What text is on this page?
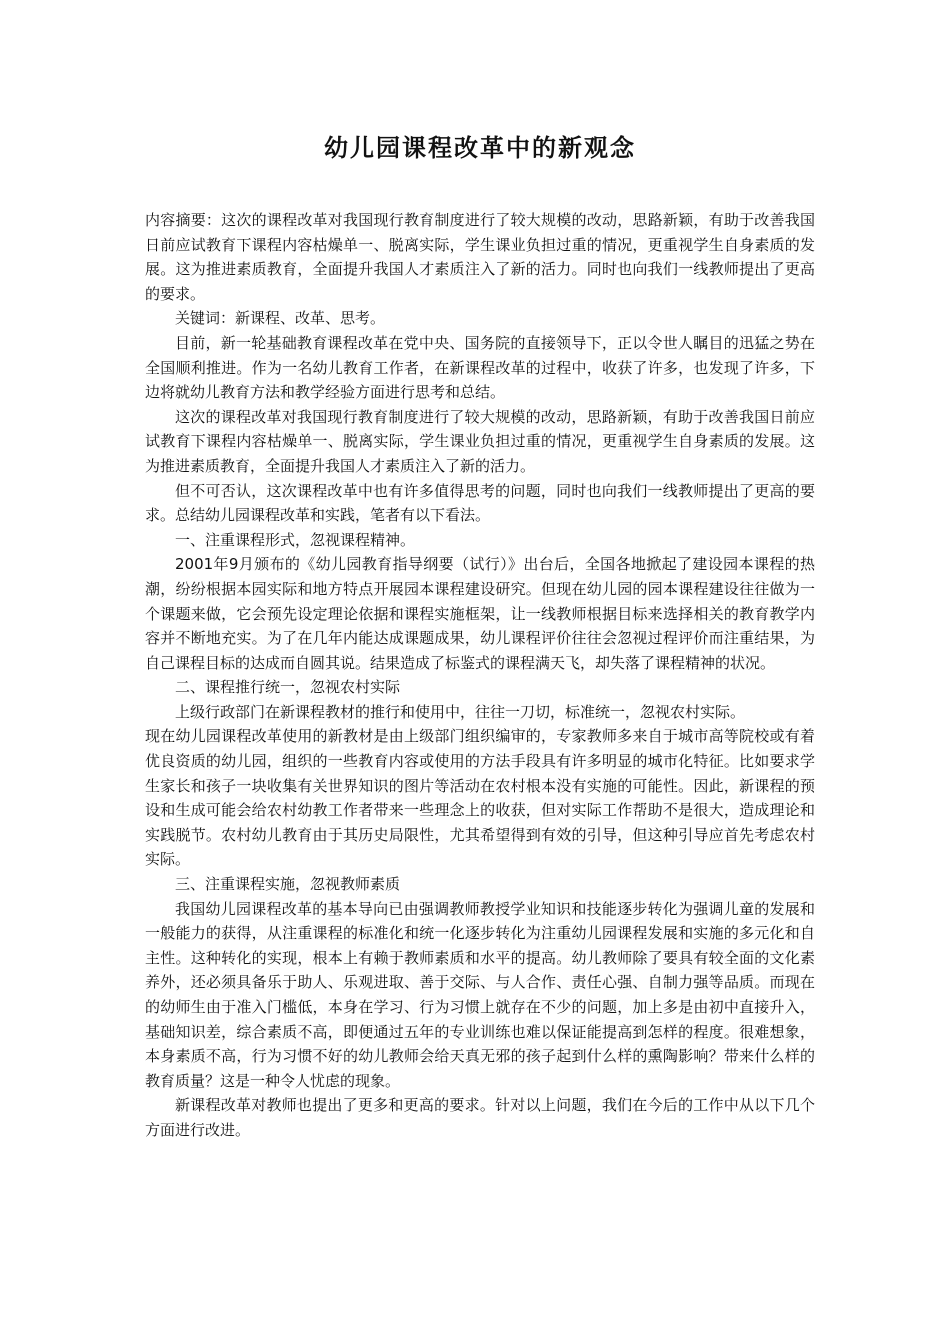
幼儿园课程改革中的新观念

内容摘要：这次的课程改革对我国现行教育制度进行了较大规模的改动，思路新颖，有助于改善我国日前应试教育下课程内容枯燥单一、脱离实际，学生课业负担过重的情况，更重视学生自身素质的发展。这为推进素质教育，全面提升我国人才素质注入了新的活力。同时也向我们一线教师提出了更高的要求。

关键词：新课程、改革、思考。

目前，新一轮基础教育课程改革在党中央、国务院的直接领导下，正以令世人瞩目的迅猛之势在全国顺利推进。作为一名幼儿教育工作者，在新课程改革的过程中，收获了许多，也发现了许多，下边将就幼儿教育方法和教学经验方面进行思考和总结。

这次的课程改革对我国现行教育制度进行了较大规模的改动，思路新颖，有助于改善我国日前应试教育下课程内容枯燥单一、脱离实际，学生课业负担过重的情况，更重视学生自身素质的发展。这为推进素质教育，全面提升我国人才素质注入了新的活力。

但不可否认，这次课程改革中也有许多值得思考的问题，同时也向我们一线教师提出了更高的要求。总结幼儿园课程改革和实践，笔者有以下看法。

一、注重课程形式，忽视课程精神。

2001年9月颁布的《幼儿园教育指导纲要（试行）》出台后，全国各地掀起了建设园本课程的热潮，纷纷根据本园实际和地方特点开展园本课程建设研究。但现在幼儿园的园本课程建设往往做为一个课题来做，它会预先设定理论依据和课程实施框架，让一线教师根据目标来选择相关的教育教学内容并不断地充实。为了在几年内能达成课题成果，幼儿课程评价往往会忽视过程评价而注重结果，为自己课程目标的达成而自圆其说。结果造成了标鉴式的课程满天飞，却失落了课程精神的状况。

二、课程推行统一，忽视农村实际

上级行政部门在新课程教材的推行和使用中，往往一刀切，标准统一，忽视农村实际。

现在幼儿园课程改革使用的新教材是由上级部门组织编审的，专家教师多来自于城市高等院校或有着优良资质的幼儿园，组织的一些教育内容或使用的方法手段具有许多明显的城市化特征。比如要求学生家长和孩子一块收集有关世界知识的图片等活动在农村根本没有实施的可能性。因此，新课程的预设和生成可能会给农村幼教工作者带来一些理念上的收获，但对实际工作帮助不是很大，造成理论和实践脱节。农村幼儿教育由于其历史局限性，尤其希望得到有效的引导，但这种引导应首先考虑农村实际。

三、注重课程实施，忽视教师素质

我国幼儿园课程改革的基本导向已由强调教师教授学业知识和技能逐步转化为强调儿童的发展和一般能力的获得，从注重课程的标准化和统一化逐步转化为注重幼儿园课程发展和实施的多元化和自主性。这种转化的实现，根本上有赖于教师素质和水平的提高。幼儿教师除了要具有较全面的文化素养外，还必须具备乐于助人、乐观进取、善于交际、与人合作、责任心强、自制力强等品质。而现在的幼师生由于准入门槛低，本身在学习、行为习惯上就存在不少的问题，加上多是由初中直接升入，基础知识差，综合素质不高，即便通过五年的专业训练也难以保证能提高到怎样的程度。很难想象，本身素质不高，行为习惯不好的幼儿教师会给天真无邪的孩子起到什么样的熏陶影响？带来什么样的教育质量？这是一种令人忧虑的现象。

新课程改革对教师也提出了更多和更高的要求。针对以上问题，我们在今后的工作中从以下几个方面进行改进。
